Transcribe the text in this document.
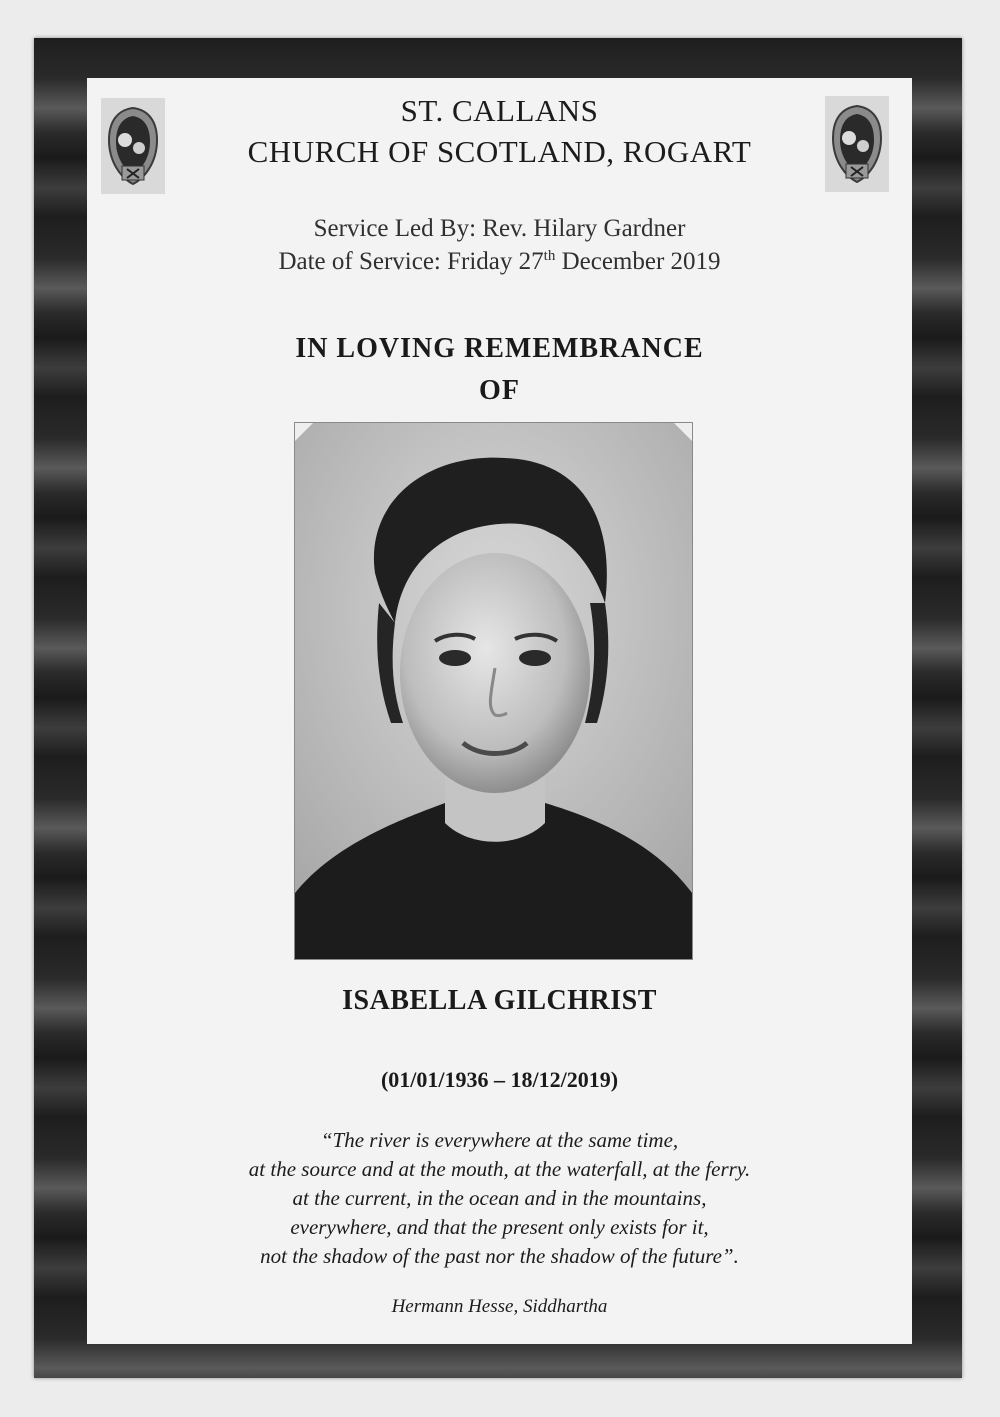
ST. CALLANS
CHURCH OF SCOTLAND, ROGART
Service Led By: Rev. Hilary Gardner
Date of Service: Friday 27th December 2019
IN LOVING REMEMBRANCE
OF
ISABELLA GILCHRIST
(01/01/1936 – 18/12/2019)
“The river is everywhere at the same time,
at the source and at the mouth, at the waterfall, at the ferry.
at the current, in the ocean and in the mountains,
everywhere, and that the present only exists for it,
not the shadow of the past nor the shadow of the future”.
Hermann Hesse, Siddhartha
